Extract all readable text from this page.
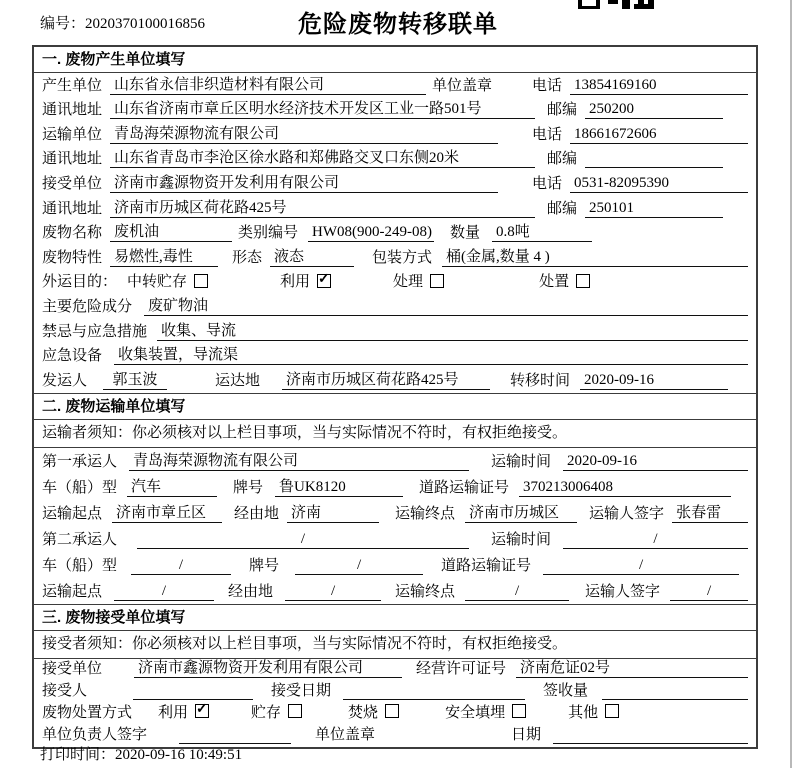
编号：2020370100016856	危险废物转移联单
一. 废物产生单位填写
产生单位 山东省永信非织造材料有限公司	单位盖章	电话 13854169160
通讯地址 山东省济南市章丘区明水经济技术开发区工业一路501号	邮编 250200
运输单位 青岛海荣源物流有限公司	电话 18661672606
通讯地址 山东省青岛市李沧区徐水路和郑佛路交叉口东侧20米	邮编
接受单位 济南市鑫源物资开发利用有限公司	电话 0531-82095390
通讯地址 济南市历城区荷花路425号	邮编 250101
废物名称 废机油	类别编号 HW08(900-249-08) 数量 0.8吨
废物特性 易燃性,毒性	形态 液态	包装方式 桶(金属,数量 4 )
外运目的： 中转贮存	利用 ✓	处理	处置
主要危险成分 废矿物油
禁忌与应急措施 收集、导流
应急设备 收集装置，导流渠
发运人	郭玉波	运达地 济南市历城区荷花路425号	转移时间 2020-09-16
二. 废物运输单位填写
运输者须知：你必须核对以上栏目事项，当与实际情况不符时，有权拒绝接受。
第一承运人 青岛海荣源物流有限公司	运输时间 2020-09-16
车（船）型 汽车	牌号 鲁UK8120	道路运输证号 370213006408
运输起点 济南市章丘区	经由地 济南	运输终点 济南市历城区	运输人签字 张春雷
第二承运人	/	运输时间	/
车（船）型	/	牌号	/	道路运输证号	/
运输起点	/	经由地	/	运输终点	/	运输人签字	/
三. 废物接受单位填写
接受者须知：你必须核对以上栏目事项，当与实际情况不符时，有权拒绝接受。
接受单位 济南市鑫源物资开发利用有限公司	经营许可证号 济南危证02号
接受人	接受日期	签收量
废物处置方式 利用 ✓	贮存	焚烧	安全填埋	其他
单位负责人签字	单位盖章	日期
打印时间：2020-09-16 10:49:51
